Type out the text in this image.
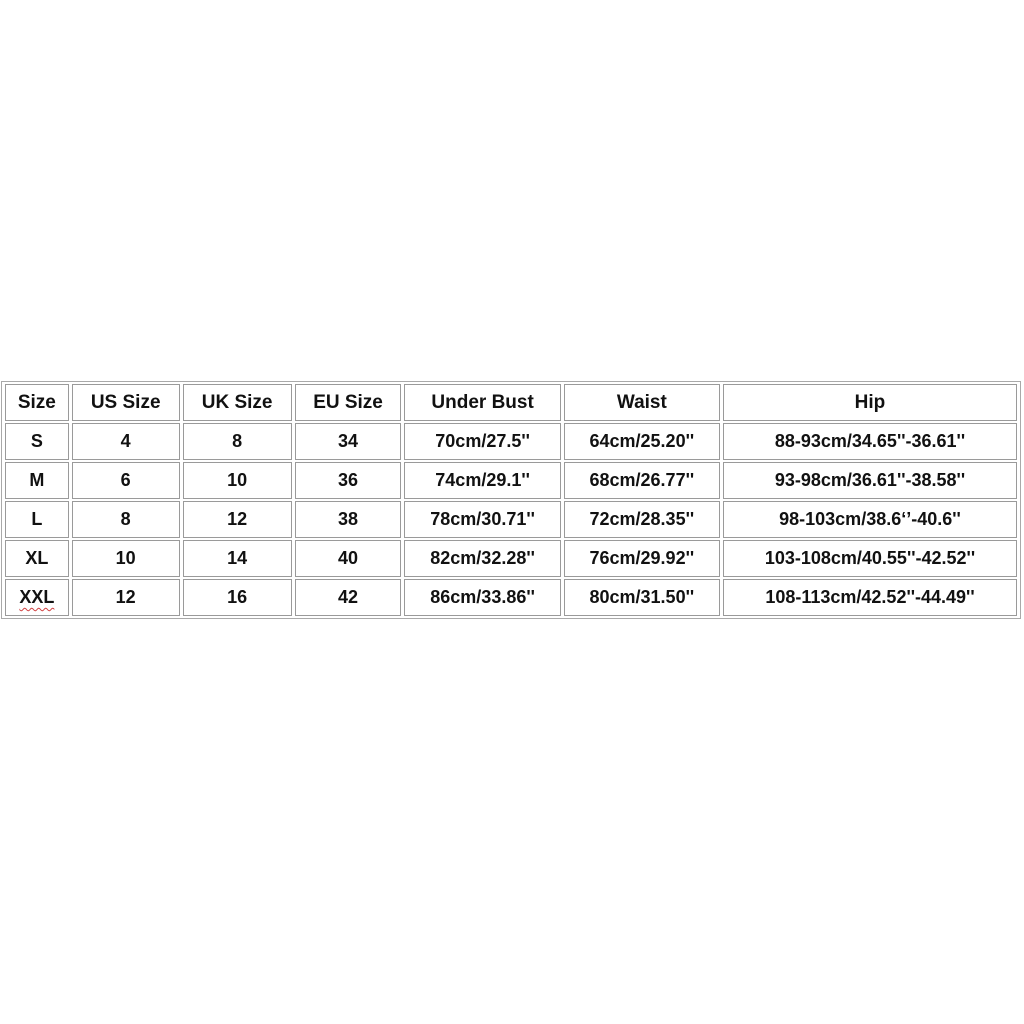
Size	US Size	UK Size	EU Size	Under Bust	Waist	Hip
S	4	8	34	70cm/27.5''	64cm/25.20''	88-93cm/34.65''-36.61''
M	6	10	36	74cm/29.1''	68cm/26.77''	93-98cm/36.61''-38.58''
L	8	12	38	78cm/30.71''	72cm/28.35''	98-103cm/38.6‘’-40.6''
XL	10	14	40	82cm/32.28''	76cm/29.92''	103-108cm/40.55''-42.52''
XXL	12	16	42	86cm/33.86''	80cm/31.50''	108-113cm/42.52''-44.49''
